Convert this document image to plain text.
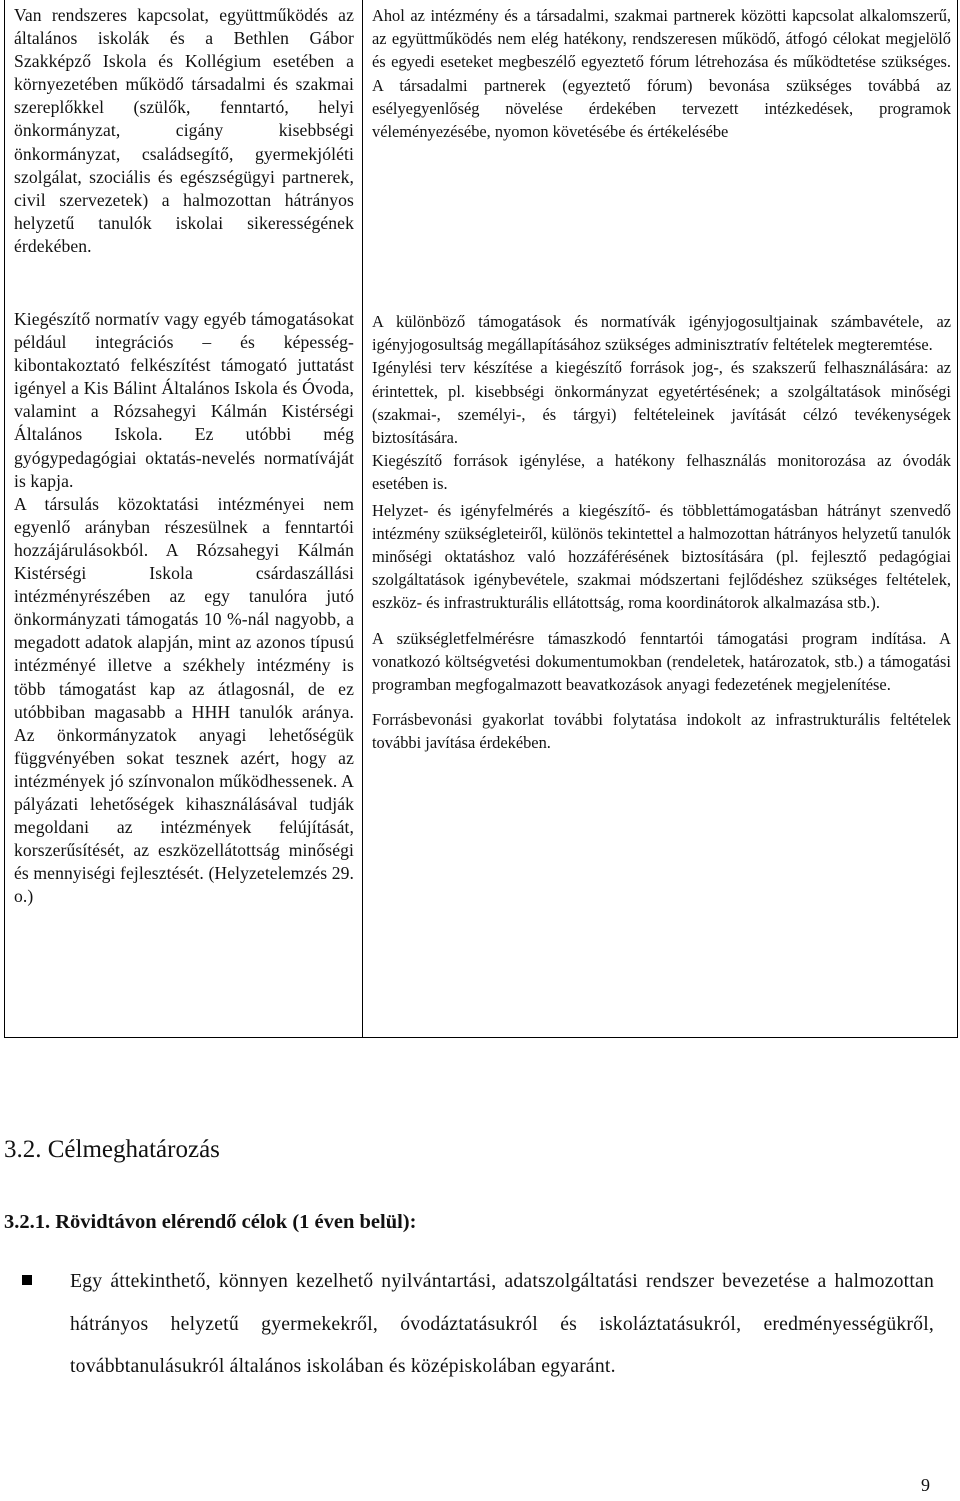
Van rendszeres kapcsolat, együttműködés az általános iskolák és a Bethlen Gábor Szakképző Iskola és Kollégium esetében a környezetében működő társadalmi és szakmai szereplőkkel (szülők, fenntartó, helyi önkormányzat, cigány kisebbségi önkormányzat, családsegítő, gyermekjóléti szolgálat, szociális és egészségügyi partnerek, civil szervezetek) a halmozottan hátrányos helyzetű tanulók iskolai sikerességének érdekében.

Kiegészítő normatív vagy egyéb támogatásokat például integrációs – és képesség-kibontakoztató felkészítést támogató juttatást igényel a Kis Bálint Általános Iskola és Óvoda, valamint a Rózsahegyi Kálmán Kistérségi Általános Iskola. Ez utóbbi még gyógypedagógiai oktatás-nevelés normatíváját is kapja.

A társulás közoktatási intézményei nem egyenlő arányban részesülnek a fenntartói hozzájárulásokból. A Rózsahegyi Kálmán Kistérségi Iskola csárdaszállási intézményrészében az egy tanulóra jutó önkormányzati támogatás 10 %-nál nagyobb, a megadott adatok alapján, mint az azonos típusú intézményé illetve a székhely intézmény is több támogatást kap az átlagosnál, de ez utóbbiban magasabb a HHH tanulók aránya. Az önkormányzatok anyagi lehetőségük függvényében sokat tesznek azért, hogy az intézmények jó színvonalon működhessenek. A pályázati lehetőségek kihasználásával tudják megoldani az intézmények felújítását, korszerűsítését, az eszközellátottság minőségi és mennyiségi fejlesztését. (Helyzetelemzés 29. o.)

Ahol az intézmény és a társadalmi, szakmai partnerek közötti kapcsolat alkalomszerű, az együttműködés nem elég hatékony, rendszeresen működő, átfogó célokat megjelölő és egyedi eseteket megbeszélő egyeztető fórum létrehozása és működtetése szükséges. A társadalmi partnerek (egyeztető fórum) bevonása szükséges továbbá az esélyegyenlőség növelése érdekében tervezett intézkedések, programok véleményezésébe, nyomon követésébe és értékelésébe

A különböző támogatások és normatívák igényjogosultjainak számbavétele, az igényjogosultság megállapításához szükséges adminisztratív feltételek megteremtése.

Igénylési terv készítése a kiegészítő források jog-, és szakszerű felhasználására: az érintettek, pl. kisebbségi önkormányzat egyetértésének; a szolgáltatások minőségi (szakmai-, személyi-, és tárgyi) feltételeinek javítását célzó tevékenységek biztosítására.

Kiegészítő források igénylése, a hatékony felhasználás monitorozása az óvodák esetében is.

Helyzet- és igényfelmérés a kiegészítő- és többlettámogatásban hátrányt szenvedő intézmény szükségleteiről, különös tekintettel a halmozottan hátrányos helyzetű tanulók minőségi oktatáshoz való hozzáférésének biztosítására (pl. fejlesztő pedagógiai szolgáltatások igénybevétele, szakmai módszertani fejlődéshez szükséges feltételek, eszköz- és infrastrukturális ellátottság, roma koordinátorok alkalmazása stb.).

A szükségletfelmérésre támaszkodó fenntartói támogatási program indítása. A vonatkozó költségvetési dokumentumokban (rendeletek, határozatok, stb.) a támogatási programban megfogalmazott beavatkozások anyagi fedezetének megjelenítése.

Forrásbevonási gyakorlat további folytatása indokolt az infrastrukturális feltételek további javítása érdekében.

3.2. Célmeghatározás
3.2.1. Rövidtávon elérendő célok (1 éven belül):

Egy áttekinthető, könnyen kezelhető nyilvántartási, adatszolgáltatási rendszer bevezetése a halmozottan hátrányos helyzetű gyermekekről, óvodáztatásukról és iskoláztatásukról, eredményességükről, továbbtanulásukról általános iskolában és középiskolában egyaránt.

9
